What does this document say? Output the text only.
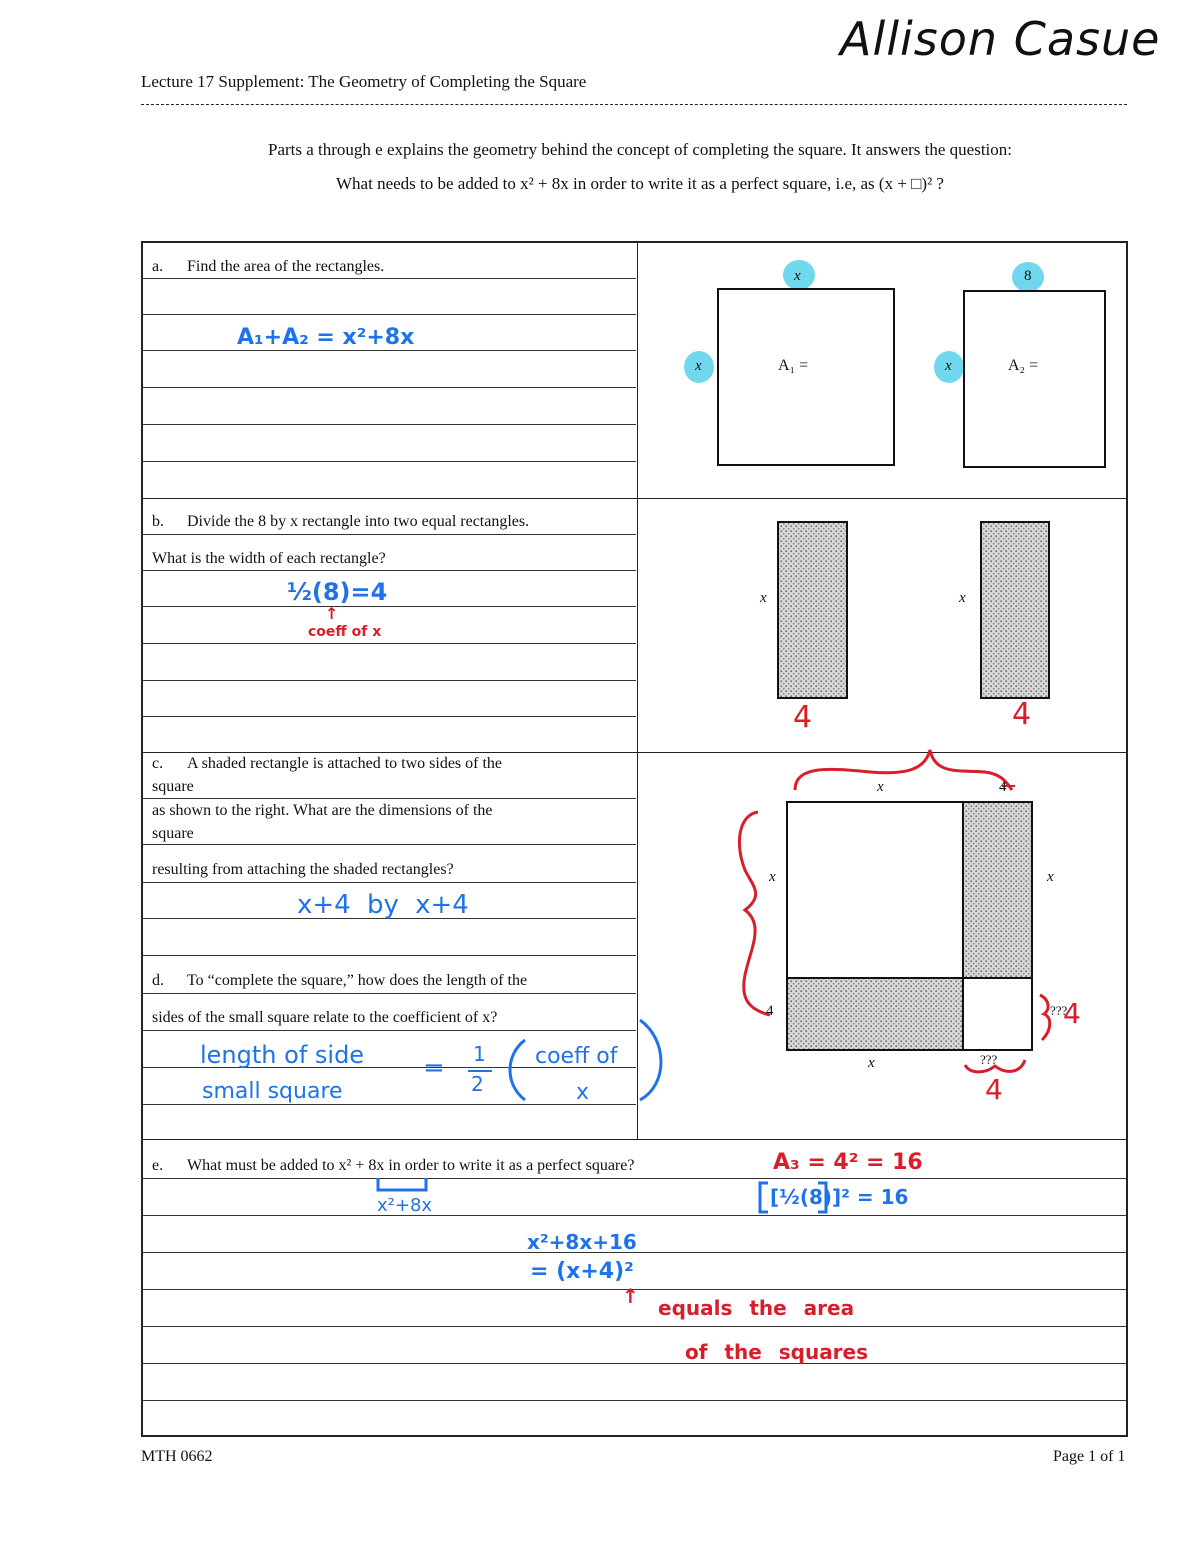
Lecture 17 Supplement: The Geometry of Completing the Square
Allison Casue
Parts a through e explains the geometry behind the concept of completing the square. It answers the question:
What needs to be added to x² + 8x in order to write it as a perfect square, i.e, as (x + □)² ?
a. Find the area of the rectangles.
A₁+A₂ = x²+8x
x	8
x	x
A₁ =	A₂ =
b. Divide the 8 by x rectangle into two equal rectangles.
What is the width of each rectangle?
½(8)=4
↑
coeff of x
x	x
4	4
c. A shaded rectangle is attached to two sides of the
square
as shown to the right. What are the dimensions of the
square
resulting from attaching the shaded rectangles?
x+4 by x+4
x	4
x	x
4	???
4
x	???
4
d. To “complete the square,” how does the length of the
sides of the small square relate to the coefficient of x?
length of side
small square
= 1
2
coeff of
x
e. What must be added to x² + 8x in order to write it as a perfect square?	A₃ = 4² = 16
[½(8)]² = 16
x²+8x
x²+8x+16
= (x+4)²
↑ equals the area
of the squares
MTH 0662	Page 1 of 1
